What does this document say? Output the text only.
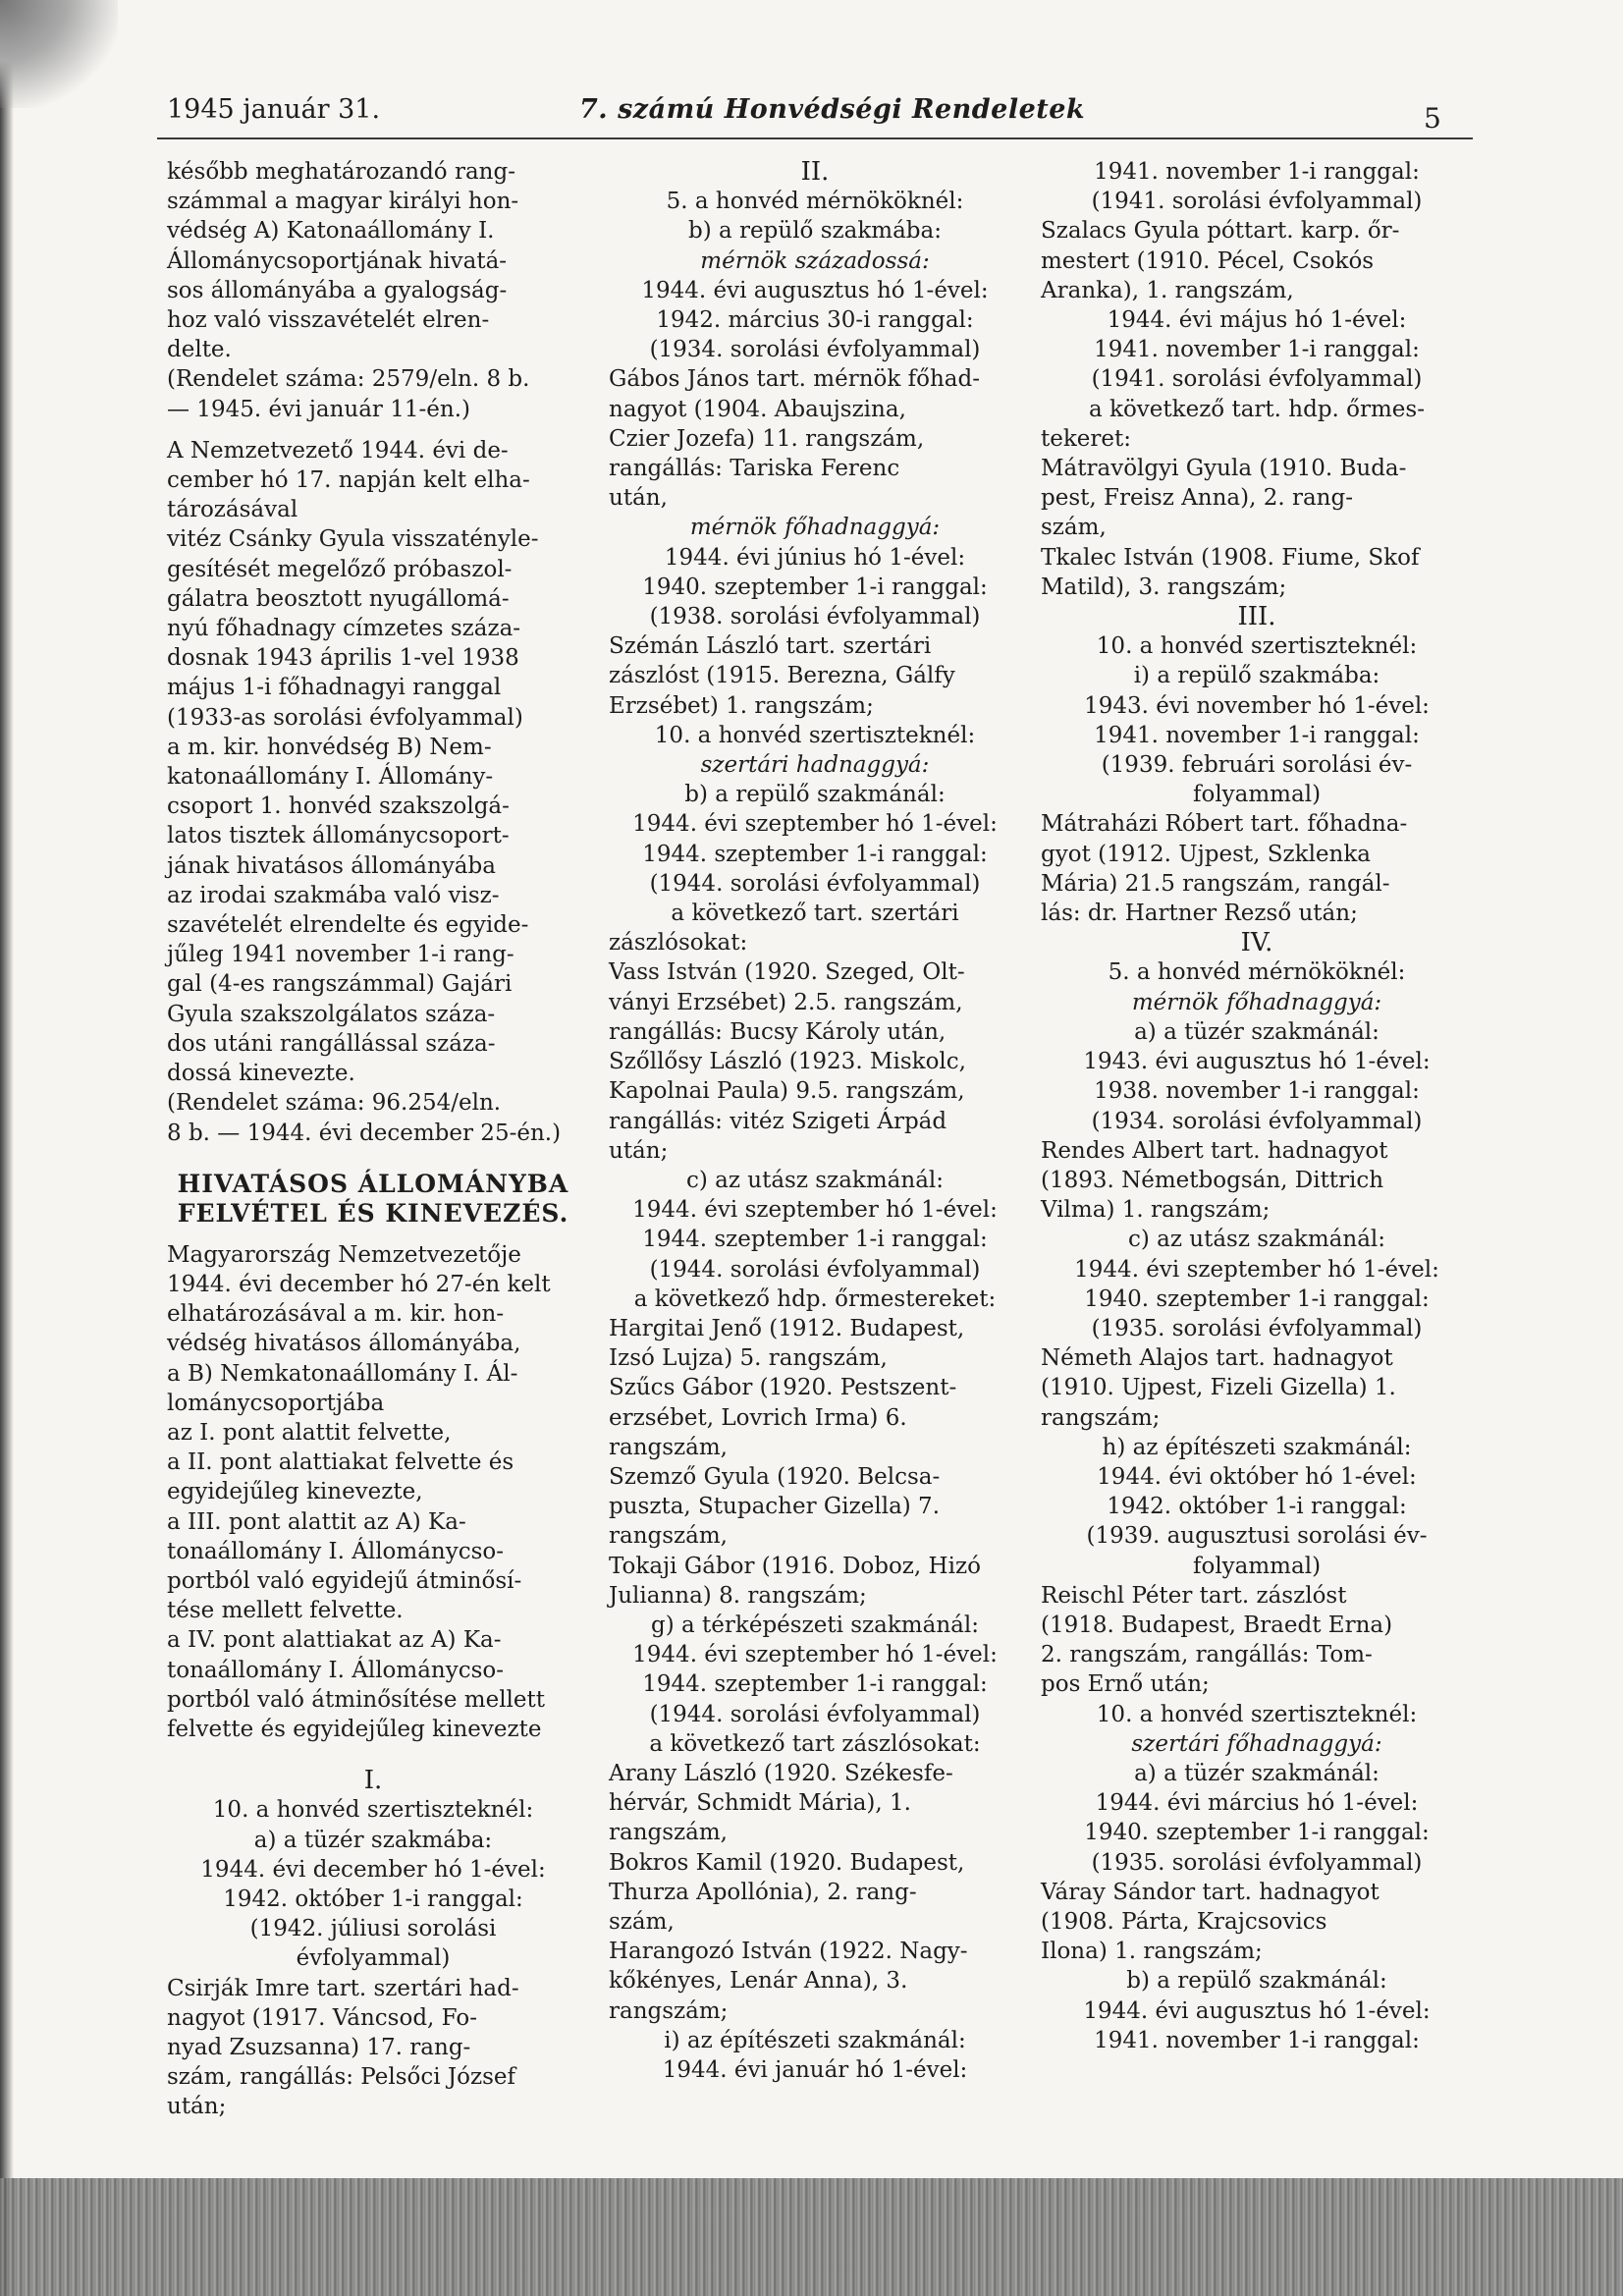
1945 január 31.	7. számú Honvédségi Rendeletek	5

később meghatározandó rang-

számmal a magyar királyi hon-

védség A) Katonaállomány I.

Állománycsoportjának hivatá-

sos állományába a gyalogság-

hoz való visszavételét elren-

delte.

(Rendelet száma: 2579/eln. 8 b.

— 1945. évi január 11-én.)

A Nemzetvezető 1944. évi de-

cember hó 17. napján kelt elha-

tározásával

vitéz Csánky Gyula visszatényle-

gesítését megelőző próbaszol-

gálatra beosztott nyugállomá-

nyú főhadnagy címzetes száza-

dosnak 1943 április 1-vel 1938

május 1-i főhadnagyi ranggal

(1933-as sorolási évfolyammal)

a m. kir. honvédség B) Nem-

katonaállomány I. Állomány-

csoport 1. honvéd szakszolgá-

latos tisztek állománycsoport-

jának hivatásos állományába

az irodai szakmába való visz-

szavételét elrendelte és egyide-

jűleg 1941 november 1-i rang-

gal (4-es rangszámmal) Gajári

Gyula szakszolgálatos száza-

dos utáni rangállással száza-

dossá kinevezte.

(Rendelet száma: 96.254/eln.

8 b. — 1944. évi december 25-én.)

HIVATÁSOS ÁLLOMÁNYBA

FELVÉTEL ÉS KINEVEZÉS.

Magyarország Nemzetvezetője

1944. évi december hó 27-én kelt

elhatározásával a m. kir. hon-

védség hivatásos állományába,

a B) Nemkatonaállomány I. Ál-

lománycsoportjába

az I. pont alattit felvette,

a II. pont alattiakat felvette és

egyidejűleg kinevezte,

a III. pont alattit az A) Ka-

tonaállomány I. Állománycso-

portból való egyidejű átminősí-

tése mellett felvette.

a IV. pont alattiakat az A) Ka-

tonaállomány I. Állománycso-

portból való átminősítése mellett

felvette és egyidejűleg kinevezte

I.

10. a honvéd szertiszteknél:

a) a tüzér szakmába:

1944. évi december hó 1-ével:

1942. október 1-i ranggal:

(1942. júliusi sorolási

évfolyammal)

Csirják Imre tart. szertári had-

nagyot (1917. Váncsod, Fo-

nyad Zsuzsanna) 17. rang-

szám, rangállás: Pelsőci József

után;

II.

5. a honvéd mérnököknél:

b) a repülő szakmába:

mérnök századossá:

1944. évi augusztus hó 1-ével:

1942. március 30-i ranggal:

(1934. sorolási évfolyammal)

Gábos János tart. mérnök főhad-

nagyot (1904. Abaujszina,

Czier Jozefa) 11. rangszám,

rangállás: Tariska Ferenc

után,

mérnök főhadnaggyá:

1944. évi június hó 1-ével:

1940. szeptember 1-i ranggal:

(1938. sorolási évfolyammal)

Szémán László tart. szertári

zászlóst (1915. Berezna, Gálfy

Erzsébet) 1. rangszám;

10. a honvéd szertiszteknél:

szertári hadnaggyá:

b) a repülő szakmánál:

1944. évi szeptember hó 1-ével:

1944. szeptember 1-i ranggal:

(1944. sorolási évfolyammal)

a következő tart. szertári

zászlósokat:

Vass István (1920. Szeged, Olt-

ványi Erzsébet) 2.5. rangszám,

rangállás: Bucsy Károly után,

Szőllősy László (1923. Miskolc,

Kapolnai Paula) 9.5. rangszám,

rangállás: vitéz Szigeti Árpád

után;

c) az utász szakmánál:

1944. évi szeptember hó 1-ével:

1944. szeptember 1-i ranggal:

(1944. sorolási évfolyammal)

a következő hdp. őrmestereket:

Hargitai Jenő (1912. Budapest,

Izsó Lujza) 5. rangszám,

Szűcs Gábor (1920. Pestszent-

erzsébet, Lovrich Irma) 6.

rangszám,

Szemző Gyula (1920. Belcsa-

puszta, Stupacher Gizella) 7.

rangszám,

Tokaji Gábor (1916. Doboz, Hizó

Julianna) 8. rangszám;

g) a térképészeti szakmánál:

1944. évi szeptember hó 1-ével:

1944. szeptember 1-i ranggal:

(1944. sorolási évfolyammal)

a következő tart zászlósokat:

Arany László (1920. Székesfe-

hérvár, Schmidt Mária), 1.

rangszám,

Bokros Kamil (1920. Budapest,

Thurza Apollónia), 2. rang-

szám,

Harangozó István (1922. Nagy-

kőkényes, Lenár Anna), 3.

rangszám;

i) az építészeti szakmánál:

1944. évi január hó 1-ével:

1941. november 1-i ranggal:

(1941. sorolási évfolyammal)

Szalacs Gyula póttart. karp. őr-

mestert (1910. Pécel, Csokós

Aranka), 1. rangszám,

1944. évi május hó 1-ével:

1941. november 1-i ranggal:

(1941. sorolási évfolyammal)

a következő tart. hdp. őrmes-

tekeret:

Mátravölgyi Gyula (1910. Buda-

pest, Freisz Anna), 2. rang-

szám,

Tkalec István (1908. Fiume, Skof

Matild), 3. rangszám;

III.

10. a honvéd szertiszteknél:

i) a repülő szakmába:

1943. évi november hó 1-ével:

1941. november 1-i ranggal:

(1939. februári sorolási év-

folyammal)

Mátraházi Róbert tart. főhadna-

gyot (1912. Ujpest, Szklenka

Mária) 21.5 rangszám, rangál-

lás: dr. Hartner Rezső után;

IV.

5. a honvéd mérnököknél:

mérnök főhadnaggyá:

a) a tüzér szakmánál:

1943. évi augusztus hó 1-ével:

1938. november 1-i ranggal:

(1934. sorolási évfolyammal)

Rendes Albert tart. hadnagyot

(1893. Németbogsán, Dittrich

Vilma) 1. rangszám;

c) az utász szakmánál:

1944. évi szeptember hó 1-ével:

1940. szeptember 1-i ranggal:

(1935. sorolási évfolyammal)

Németh Alajos tart. hadnagyot

(1910. Ujpest, Fizeli Gizella) 1.

rangszám;

h) az építészeti szakmánál:

1944. évi október hó 1-ével:

1942. október 1-i ranggal:

(1939. augusztusi sorolási év-

folyammal)

Reischl Péter tart. zászlóst

(1918. Budapest, Braedt Erna)

2. rangszám, rangállás: Tom-

pos Ernő után;

10. a honvéd szertiszteknél:

szertári főhadnaggyá:

a) a tüzér szakmánál:

1944. évi március hó 1-ével:

1940. szeptember 1-i ranggal:

(1935. sorolási évfolyammal)

Váray Sándor tart. hadnagyot

(1908. Párta, Krajcsovics

Ilona) 1. rangszám;

b) a repülő szakmánál:

1944. évi augusztus hó 1-ével:

1941. november 1-i ranggal:
